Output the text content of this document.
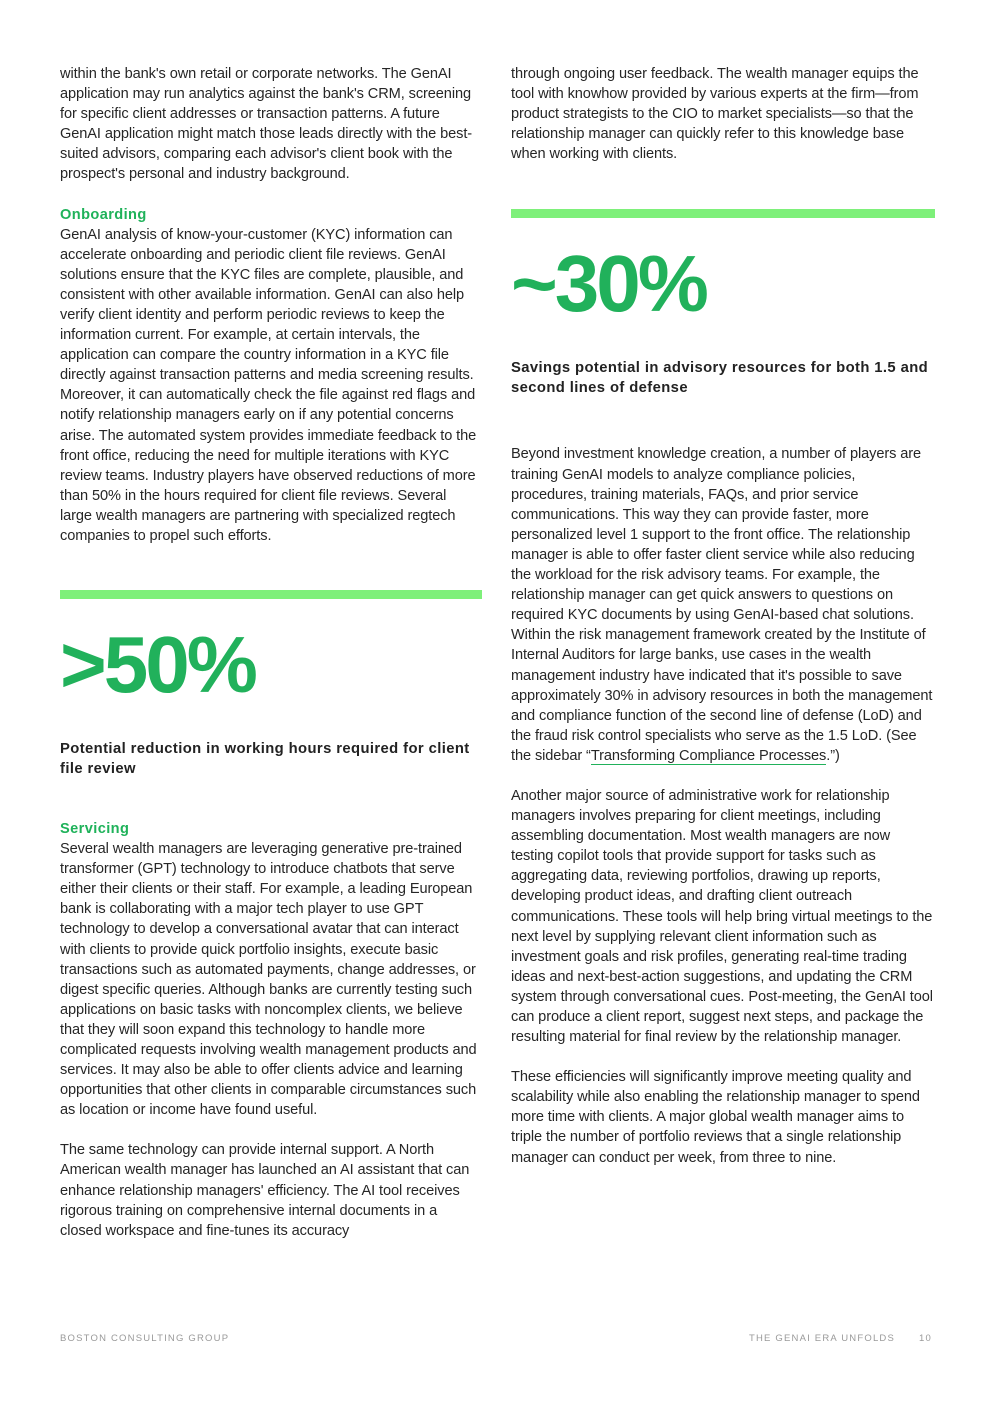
within the bank's own retail or corporate networks. The GenAI application may run analytics against the bank's CRM, screening for specific client addresses or transaction patterns. A future GenAI application might match those leads directly with the best-suited advisors, comparing each advisor's client book with the prospect's personal and industry background.

Onboarding

GenAI analysis of know-your-customer (KYC) information can accelerate onboarding and periodic client file reviews. GenAI solutions ensure that the KYC files are complete, plausible, and consistent with other available information. GenAI can also help verify client identity and perform periodic reviews to keep the information current. For example, at certain intervals, the application can compare the country information in a KYC file directly against transaction patterns and media screening results. Moreover, it can automatically check the file against red flags and notify relationship managers early on if any potential concerns arise. The automated system provides immediate feedback to the front office, reducing the need for multiple iterations with KYC review teams. Industry players have observed reductions of more than 50% in the hours required for client file reviews. Several large wealth managers are partnering with specialized regtech companies to propel such efforts.

>50%

Potential reduction in working hours required for client file review

Servicing

Several wealth managers are leveraging generative pre-trained transformer (GPT) technology to introduce chatbots that serve either their clients or their staff. For example, a leading European bank is collaborating with a major tech player to use GPT technology to develop a conversational avatar that can interact with clients to provide quick portfolio insights, execute basic transactions such as automated payments, change addresses, or digest specific queries. Although banks are currently testing such applications on basic tasks with noncomplex clients, we believe that they will soon expand this technology to handle more complicated requests involving wealth management products and services. It may also be able to offer clients advice and learning opportunities that other clients in comparable circumstances such as location or income have found useful.

The same technology can provide internal support. A North American wealth manager has launched an AI assistant that can enhance relationship managers' efficiency. The AI tool receives rigorous training on comprehensive internal documents in a closed workspace and fine-tunes its accuracy

through ongoing user feedback. The wealth manager equips the tool with knowhow provided by various experts at the firm—from product strategists to the CIO to market specialists—so that the relationship manager can quickly refer to this knowledge base when working with clients.

~30%

Savings potential in advisory resources for both 1.5 and second lines of defense

Beyond investment knowledge creation, a number of players are training GenAI models to analyze compliance policies, procedures, training materials, FAQs, and prior service communications. This way they can provide faster, more personalized level 1 support to the front office. The relationship manager is able to offer faster client service while also reducing the workload for the risk advisory teams. For example, the relationship manager can get quick answers to questions on required KYC documents by using GenAI-based chat solutions. Within the risk management framework created by the Institute of Internal Auditors for large banks, use cases in the wealth management industry have indicated that it's possible to save approximately 30% in advisory resources in both the management and compliance function of the second line of defense (LoD) and the fraud risk control specialists who serve as the 1.5 LoD. (See the sidebar “Transforming Compliance Processes.”)

Another major source of administrative work for relationship managers involves preparing for client meetings, including assembling documentation. Most wealth managers are now testing copilot tools that provide support for tasks such as aggregating data, reviewing portfolios, drawing up reports, developing product ideas, and drafting client outreach communications. These tools will help bring virtual meetings to the next level by supplying relevant client information such as investment goals and risk profiles, generating real-time trading ideas and next-best-action suggestions, and updating the CRM system through conversational cues. Post-meeting, the GenAI tool can produce a client report, suggest next steps, and package the resulting material for final review by the relationship manager.

These efficiencies will significantly improve meeting quality and scalability while also enabling the relationship manager to spend more time with clients. A major global wealth manager aims to triple the number of portfolio reviews that a single relationship manager can conduct per week, from three to nine.

BOSTON CONSULTING GROUP	THE GENAI ERA UNFOLDS	10
